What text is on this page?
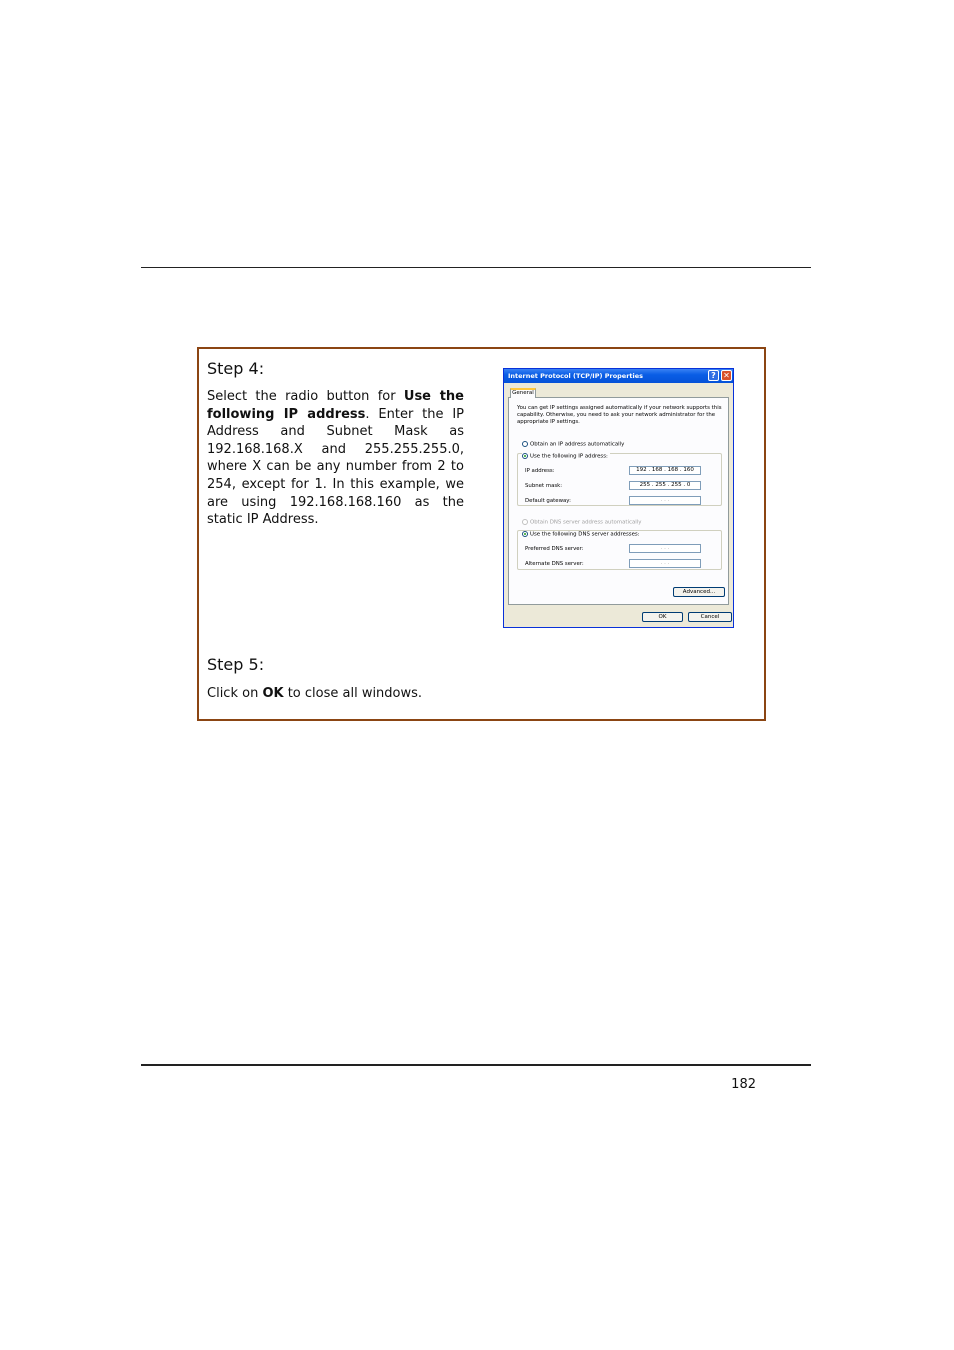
Step 4:

Select the radio button for Use the following IP address. Enter the IP Address and Subnet Mask as 192.168.168.X and 255.255.255.0, where X can be any number from 2 to 254, except for 1. In this example, we are using 192.168.168.160 as the static IP Address.

Internet Protocol (TCP/IP) Properties	? ✕
General
You can get IP settings assigned automatically if your network supports this capability. Otherwise, you need to ask your network administrator for the appropriate IP settings.
Obtain an IP address automatically
Use the following IP address:
IP address:	192 . 168 . 168 . 160
Subnet mask:	255 . 255 . 255 . 0
Default gateway:	. . .
Obtain DNS server address automatically
Use the following DNS server addresses:
Preferred DNS server:	. . .
Alternate DNS server:	. . .
Advanced...
OK	Cancel
Step 5:

Click on OK to close all windows.

182
